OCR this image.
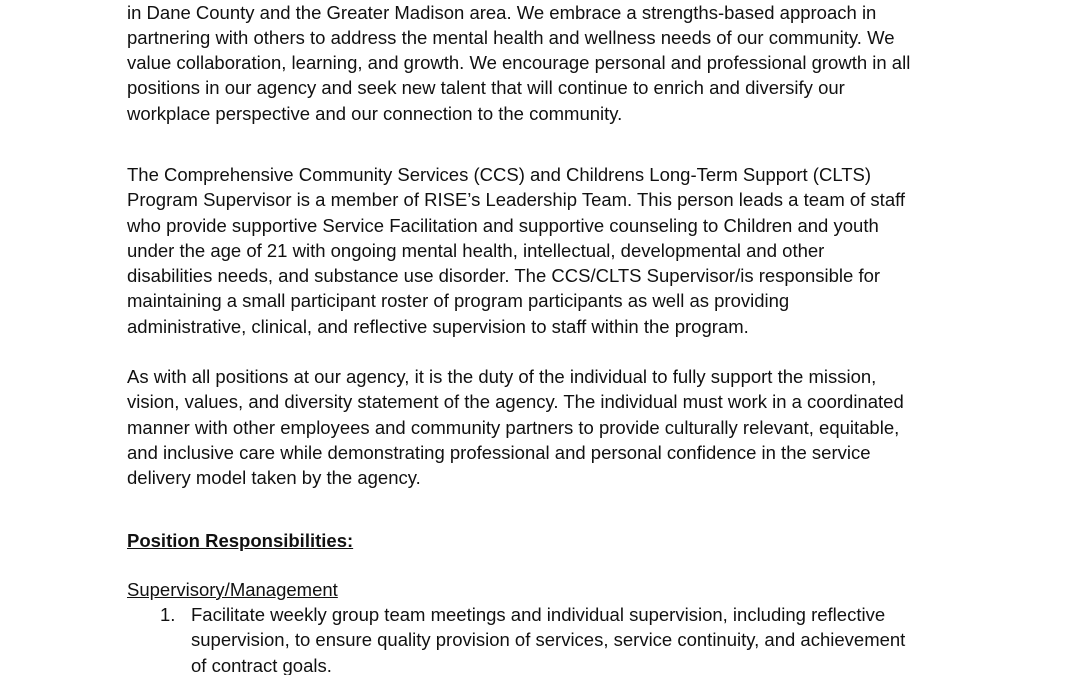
in Dane County and the Greater Madison area. We embrace a strengths-based approach in
partnering with others to address the mental health and wellness needs of our community. We
value collaboration, learning, and growth. We encourage personal and professional growth in all
positions in our agency and seek new talent that will continue to enrich and diversify our
workplace perspective and our connection to the community.

The Comprehensive Community Services (CCS) and Childrens Long-Term Support (CLTS)
Program Supervisor is a member of RISE’s Leadership Team. This person leads a team of staff
who provide supportive Service Facilitation and supportive counseling to Children and youth
under the age of 21 with ongoing mental health, intellectual, developmental and other
disabilities needs, and substance use disorder. The CCS/CLTS Supervisor/is responsible for
maintaining a small participant roster of program participants as well as providing
administrative, clinical, and reflective supervision to staff within the program.

As with all positions at our agency, it is the duty of the individual to fully support the mission,
vision, values, and diversity statement of the agency. The individual must work in a coordinated
manner with other employees and community partners to provide culturally relevant, equitable,
and inclusive care while demonstrating professional and personal confidence in the service
delivery model taken by the agency.

Position Responsibilities:
Supervisory/Management
1. Facilitate weekly group team meetings and individual supervision, including reflective
supervision, to ensure quality provision of services, service continuity, and achievement
of contract goals.
